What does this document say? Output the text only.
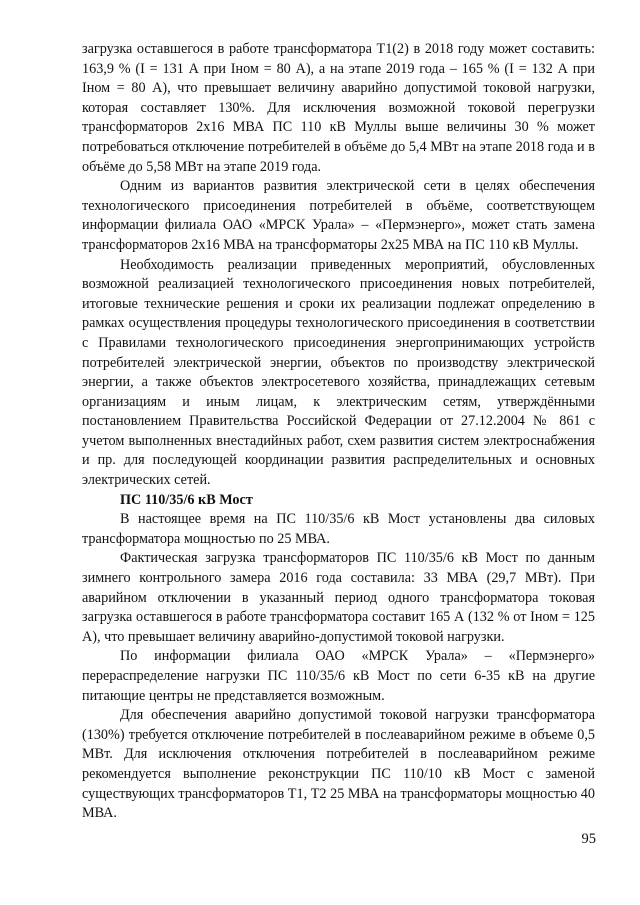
загрузка оставшегося в работе трансформатора Т1(2) в 2018 году может составить: 163,9 % (I = 131 А при Iном = 80 А), а на этапе 2019 года – 165 % (I = 132 А при Iном = 80 А), что превышает величину аварийно допустимой токовой нагрузки, которая составляет 130%. Для исключения возможной токовой перегрузки трансформаторов 2х16 МВА ПС 110 кВ Муллы выше величины 30 % может потребоваться отключение потребителей в объёме до 5,4 МВт на этапе 2018 года и в объёме до 5,58 МВт на этапе 2019 года.

Одним из вариантов развития электрической сети в целях обеспечения технологического присоединения потребителей в объёме, соответствующем информации филиала ОАО «МРСК Урала» – «Пермэнерго», может стать замена трансформаторов 2х16 МВА на трансформаторы 2х25 МВА на ПС 110 кВ Муллы.

Необходимость реализации приведенных мероприятий, обусловленных возможной реализацией технологического присоединения новых потребителей, итоговые технические решения и сроки их реализации подлежат определению в рамках осуществления процедуры технологического присоединения в соответствии с Правилами технологического присоединения энергопринимающих устройств потребителей электрической энергии, объектов по производству электрической энергии, а также объектов электросетевого хозяйства, принадлежащих сетевым организациям и иным лицам, к электрическим сетям, утверждёнными постановлением Правительства Российской Федерации от 27.12.2004 № 861 с учетом выполненных внестадийных работ, схем развития систем электроснабжения и пр. для последующей координации развития распределительных и основных электрических сетей.

ПС 110/35/6 кВ Мост

В настоящее время на ПС 110/35/6 кВ Мост установлены два силовых трансформатора мощностью по 25 МВА.

Фактическая загрузка трансформаторов ПС 110/35/6 кВ Мост по данным зимнего контрольного замера 2016 года составила: 33 МВА (29,7 МВт). При аварийном отключении в указанный период одного трансформатора токовая загрузка оставшегося в работе трансформатора составит 165 А (132 % от Iном = 125 А), что превышает величину аварийно-допустимой токовой нагрузки.

По информации филиала ОАО «МРСК Урала» – «Пермэнерго» перераспределение нагрузки ПС 110/35/6 кВ Мост по сети 6-35 кВ на другие питающие центры не представляется возможным.

Для обеспечения аварийно допустимой токовой нагрузки трансформатора (130%) требуется отключение потребителей в послеаварийном режиме в объеме 0,5 МВт. Для исключения отключения потребителей в послеаварийном режиме рекомендуется выполнение реконструкции ПС 110/10 кВ Мост с заменой существующих трансформаторов Т1, Т2 25 МВА на трансформаторы мощностью 40 МВА.

95
